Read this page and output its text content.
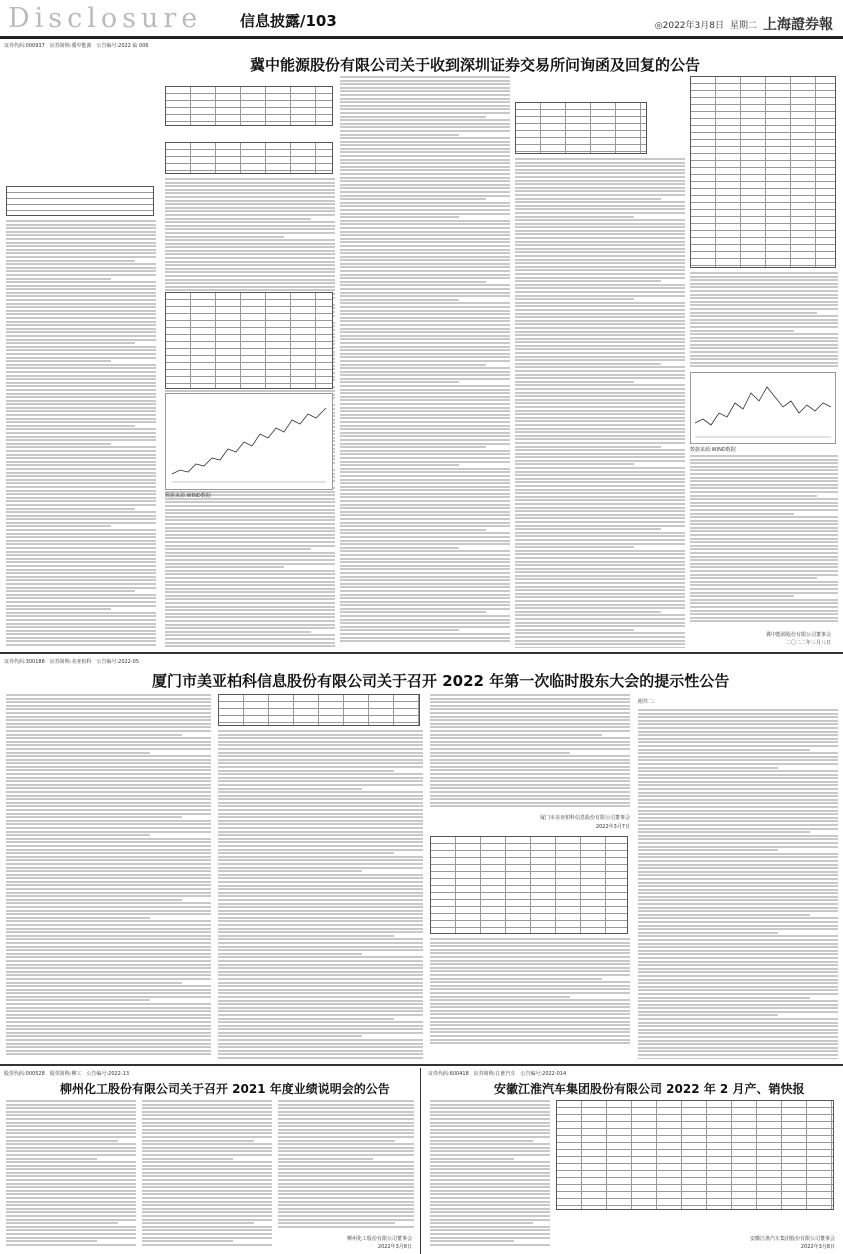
Disclosure	信息披露/103	◎2022年3月8日 星期二 上海證券報
证券代码:000937　证券简称:冀中能源　公告编号:2022 临 006
冀中能源股份有限公司关于收到深圳证券交易所问询函及回复的公告
数据来源:WIND数据
数据来源:WIND数据
冀中能源股份有限公司董事会
二〇二二年三月八日
证券代码:300188　证券简称:美亚柏科　公告编号:2022-05
厦门市美亚柏科信息股份有限公司关于召开 2022 年第一次临时股东大会的提示性公告
厦门市美亚柏科信息股份有限公司董事会
2022年3月7日
附件二:
股票代码:000528　股票简称:柳工　公告编号:2022-13
柳州化工股份有限公司关于召开 2021 年度业绩说明会的公告
柳州化工股份有限公司董事会
2022年3月8日
证券代码:600418　证券简称:江淮汽车　公告编号:2022-014
安徽江淮汽车集团股份有限公司 2022 年 2 月产、销快报
安徽江淮汽车集团股份有限公司董事会
2022年3月8日
